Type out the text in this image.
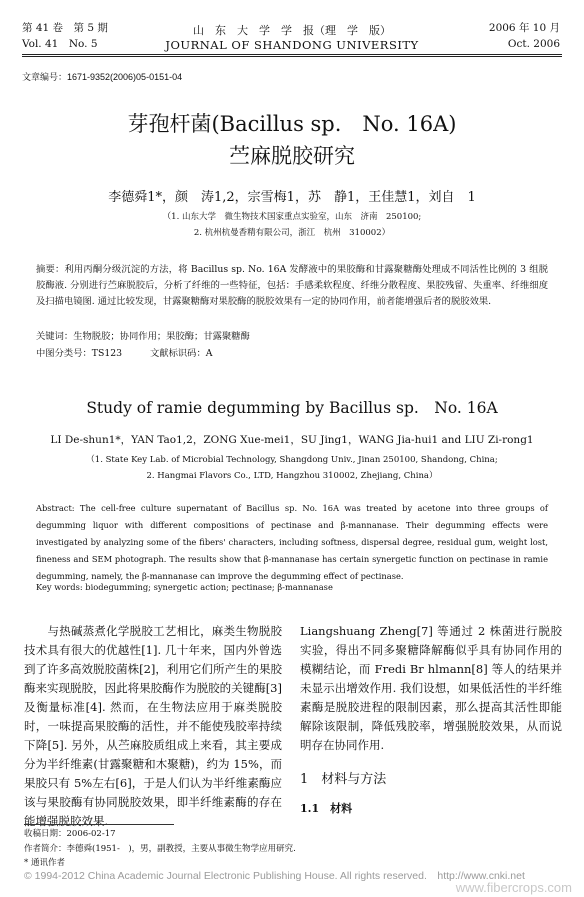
第 41 卷　第 5 期
Vol. 41　No. 5
山　东　大　学　学　报（理　学　版）
JOURNAL OF SHANDONG UNIVERSITY
2006 年 10 月
Oct. 2006
文章编号：1671-9352(2006)05-0151-04
芽孢杆菌(Bacillus sp.　No. 16A)
苎麻脱胶研究
李德舜1*，颜　涛1,2，宗雪梅1，苏　静1，王佳慧1，刘自　1
（1. 山东大学　微生物技术国家重点实验室，山东　济南　250100;
2. 杭州杭曼香精有限公司，浙江　杭州　310002）
摘要：利用丙酮分级沉淀的方法，将 Bacillus sp. No. 16A 发酵液中的果胶酶和甘露聚糖酶处理成不同活性比例的 3 组脱胶酶液. 分别进行苎麻脱胶后，分析了纤维的一些特征，包括：手感柔软程度、纤维分散程度、果胶残留、失重率、纤维细度及扫描电镜图. 通过比较发现，甘露聚糖酶对果胶酶的脱胶效果有一定的协同作用，前者能增强后者的脱胶效果.
关键词：生物脱胶；协同作用；果胶酶；甘露聚糖酶
中图分类号：TS123　　　文献标识码：A
Study of ramie degumming by Bacillus sp.　No. 16A
LI De-shun1*，YAN Tao1,2，ZONG Xue-mei1，SU Jing1，WANG Jia-hui1 and LIU Zi-rong1
（1. State Key Lab. of Microbial Technology, Shangdong Univ., Jinan 250100, Shandong, China;
2. Hangmai Flavors Co., LTD, Hangzhou 310002, Zhejiang, China）
Abstract: The cell-free culture supernatant of Bacillus sp. No. 16A was treated by acetone into three groups of degumming liquor with different compositions of pectinase and β-mannanase. Their degumming effects were investigated by analyzing some of the fibers' characters, including softness, dispersal degree, residual gum, weight lost, fineness and SEM photograph. The results show that β-mannanase has certain synergetic function on pectinase in ramie degumming, namely, the β-mannanase can improve the degumming effect of pectinase.
Key words: biodegumming; synergetic action; pectinase; β-mannanase
　　与热碱蒸煮化学脱胶工艺相比，麻类生物脱胶技术具有很大的优越性[1]. 几十年来，国内外曾选到了许多高效脱胶菌株[2]，利用它们所产生的果胶酶来实现脱胶，因此将果胶酶作为脱胶的关键酶[3]及衡量标准[4]. 然而，在生物法应用于麻类脱胶时，一味提高果胶酶的活性，并不能使残胶率持续下降[5]. 另外，从苎麻胶质组成上来看，其主要成分为半纤维素(甘露聚糖和木聚糖)，约为 15%，而果胶只有 5%左右[6]，于是人们认为半纤维素酶应该与果胶酶有协同脱胶效果，即半纤维素酶的存在能增强脱胶效果.
Liangshuang Zheng[7] 等通过 2 株菌进行脱胶实验，得出不同多聚糖降解酶似乎具有协同作用的模糊结论，而 Fredi Br hlmann[8] 等人的结果并未显示出增效作用. 我们设想，如果低活性的半纤维素酶是脱胶进程的限制因素，那么提高其活性即能解除该限制，降低残胶率，增强脱胶效果，从而说明存在协同作用.
1　材料与方法
1.1　材料
收稿日期：2006-02-17
作者简介：李德舜(1951-　)，男，副教授，主要从事微生物学应用研究.
* 通讯作者
© 1994-2012 China Academic Journal Electronic Publishing House. All rights reserved.　http://www.cnki.net
www.fibercrops.com
